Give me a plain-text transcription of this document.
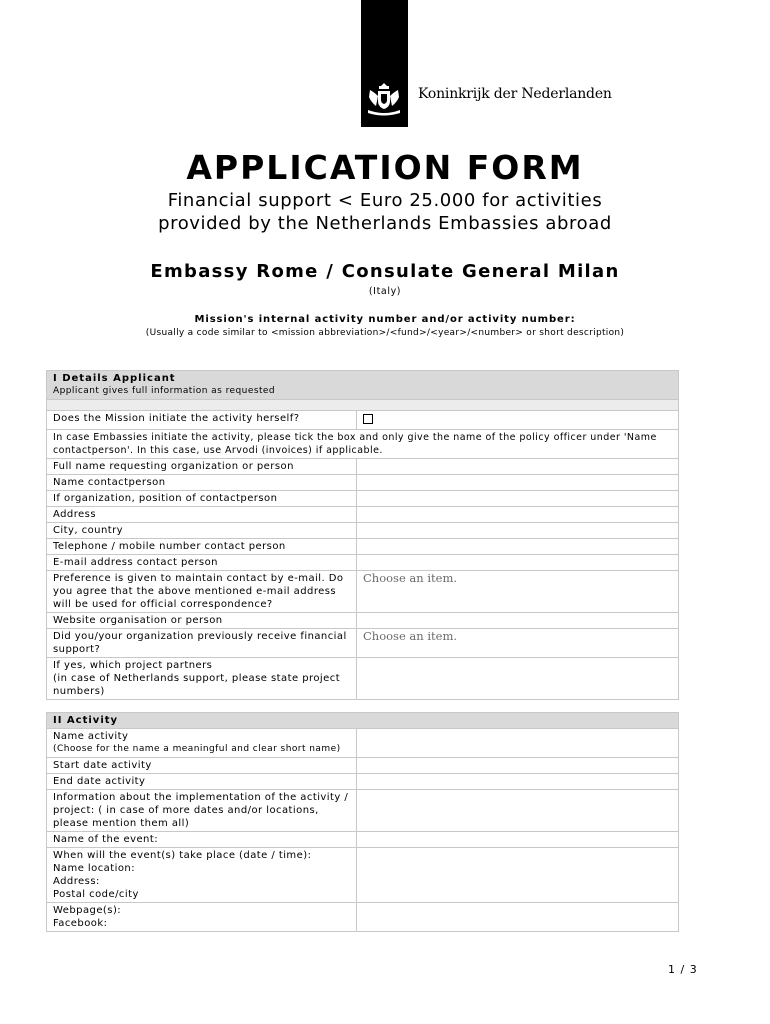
Koninkrijk der Nederlanden
APPLICATION FORM
Financial support < Euro 25.000 for activities
provided by the Netherlands Embassies abroad
Embassy Rome / Consulate General Milan
(Italy)
Mission's internal activity number and/or activity number:
(Usually a code similar to <mission abbreviation>/<fund>/<year>/<number> or short description)
I Details Applicant
Applicant gives full information as requested	

Does the Mission initiate the activity herself?	
In case Embassies initiate the activity, please tick the box and only give the name of the policy officer under 'Name contactperson'. In this case, use Arvodi (invoices) if applicable.	
Full name requesting organization or person	
Name contactperson	
If organization, position of contactperson	
Address	
City, country	
Telephone / mobile number contact person	
E-mail address contact person	
Preference is given to maintain contact by e-mail. Do you agree that the above mentioned e-mail address will be used for official correspondence?	Choose an item.
Website organisation or person	
Did you/your organization previously receive financial support?	Choose an item.
If yes, which project partners
(in case of Netherlands support, please state project numbers)	
II Activity	

Name activity
(Choose for the name a meaningful and clear short name)	

Start date activity	
End date activity	
Information about the implementation of the activity / project: ( in case of more dates and/or locations, please mention them all)	
Name of the event:	
When will the event(s) take place (date / time):
Name location:
Address:
Postal code/city	
Webpage(s):
Facebook:	
1 / 3
